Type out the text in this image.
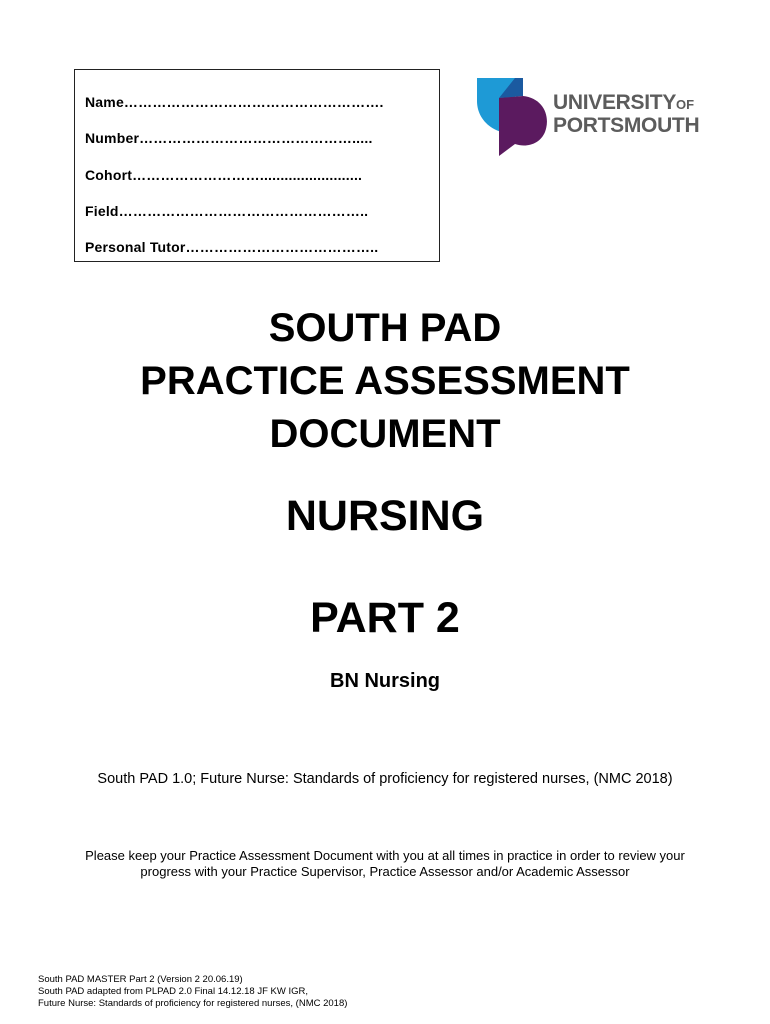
Name……………………………………………….
Number……………………………………….....
Cohort……………………….........................
Field……………………………………………..
Personal Tutor…………………………………..
UNIVERSITYOF
PORTSMOUTH
SOUTH PAD
PRACTICE ASSESSMENT
DOCUMENT
NURSING
PART 2
BN Nursing
South PAD 1.0; Future Nurse: Standards of proficiency for registered nurses, (NMC 2018)
Please keep your Practice Assessment Document with you at all times in practice in order to review your
progress with your Practice Supervisor, Practice Assessor and/or Academic Assessor
South PAD MASTER Part 2 (Version 2 20.06.19)
South PAD adapted from PLPAD 2.0 Final 14.12.18 JF KW IGR,
Future Nurse: Standards of proficiency for registered nurses, (NMC 2018)
